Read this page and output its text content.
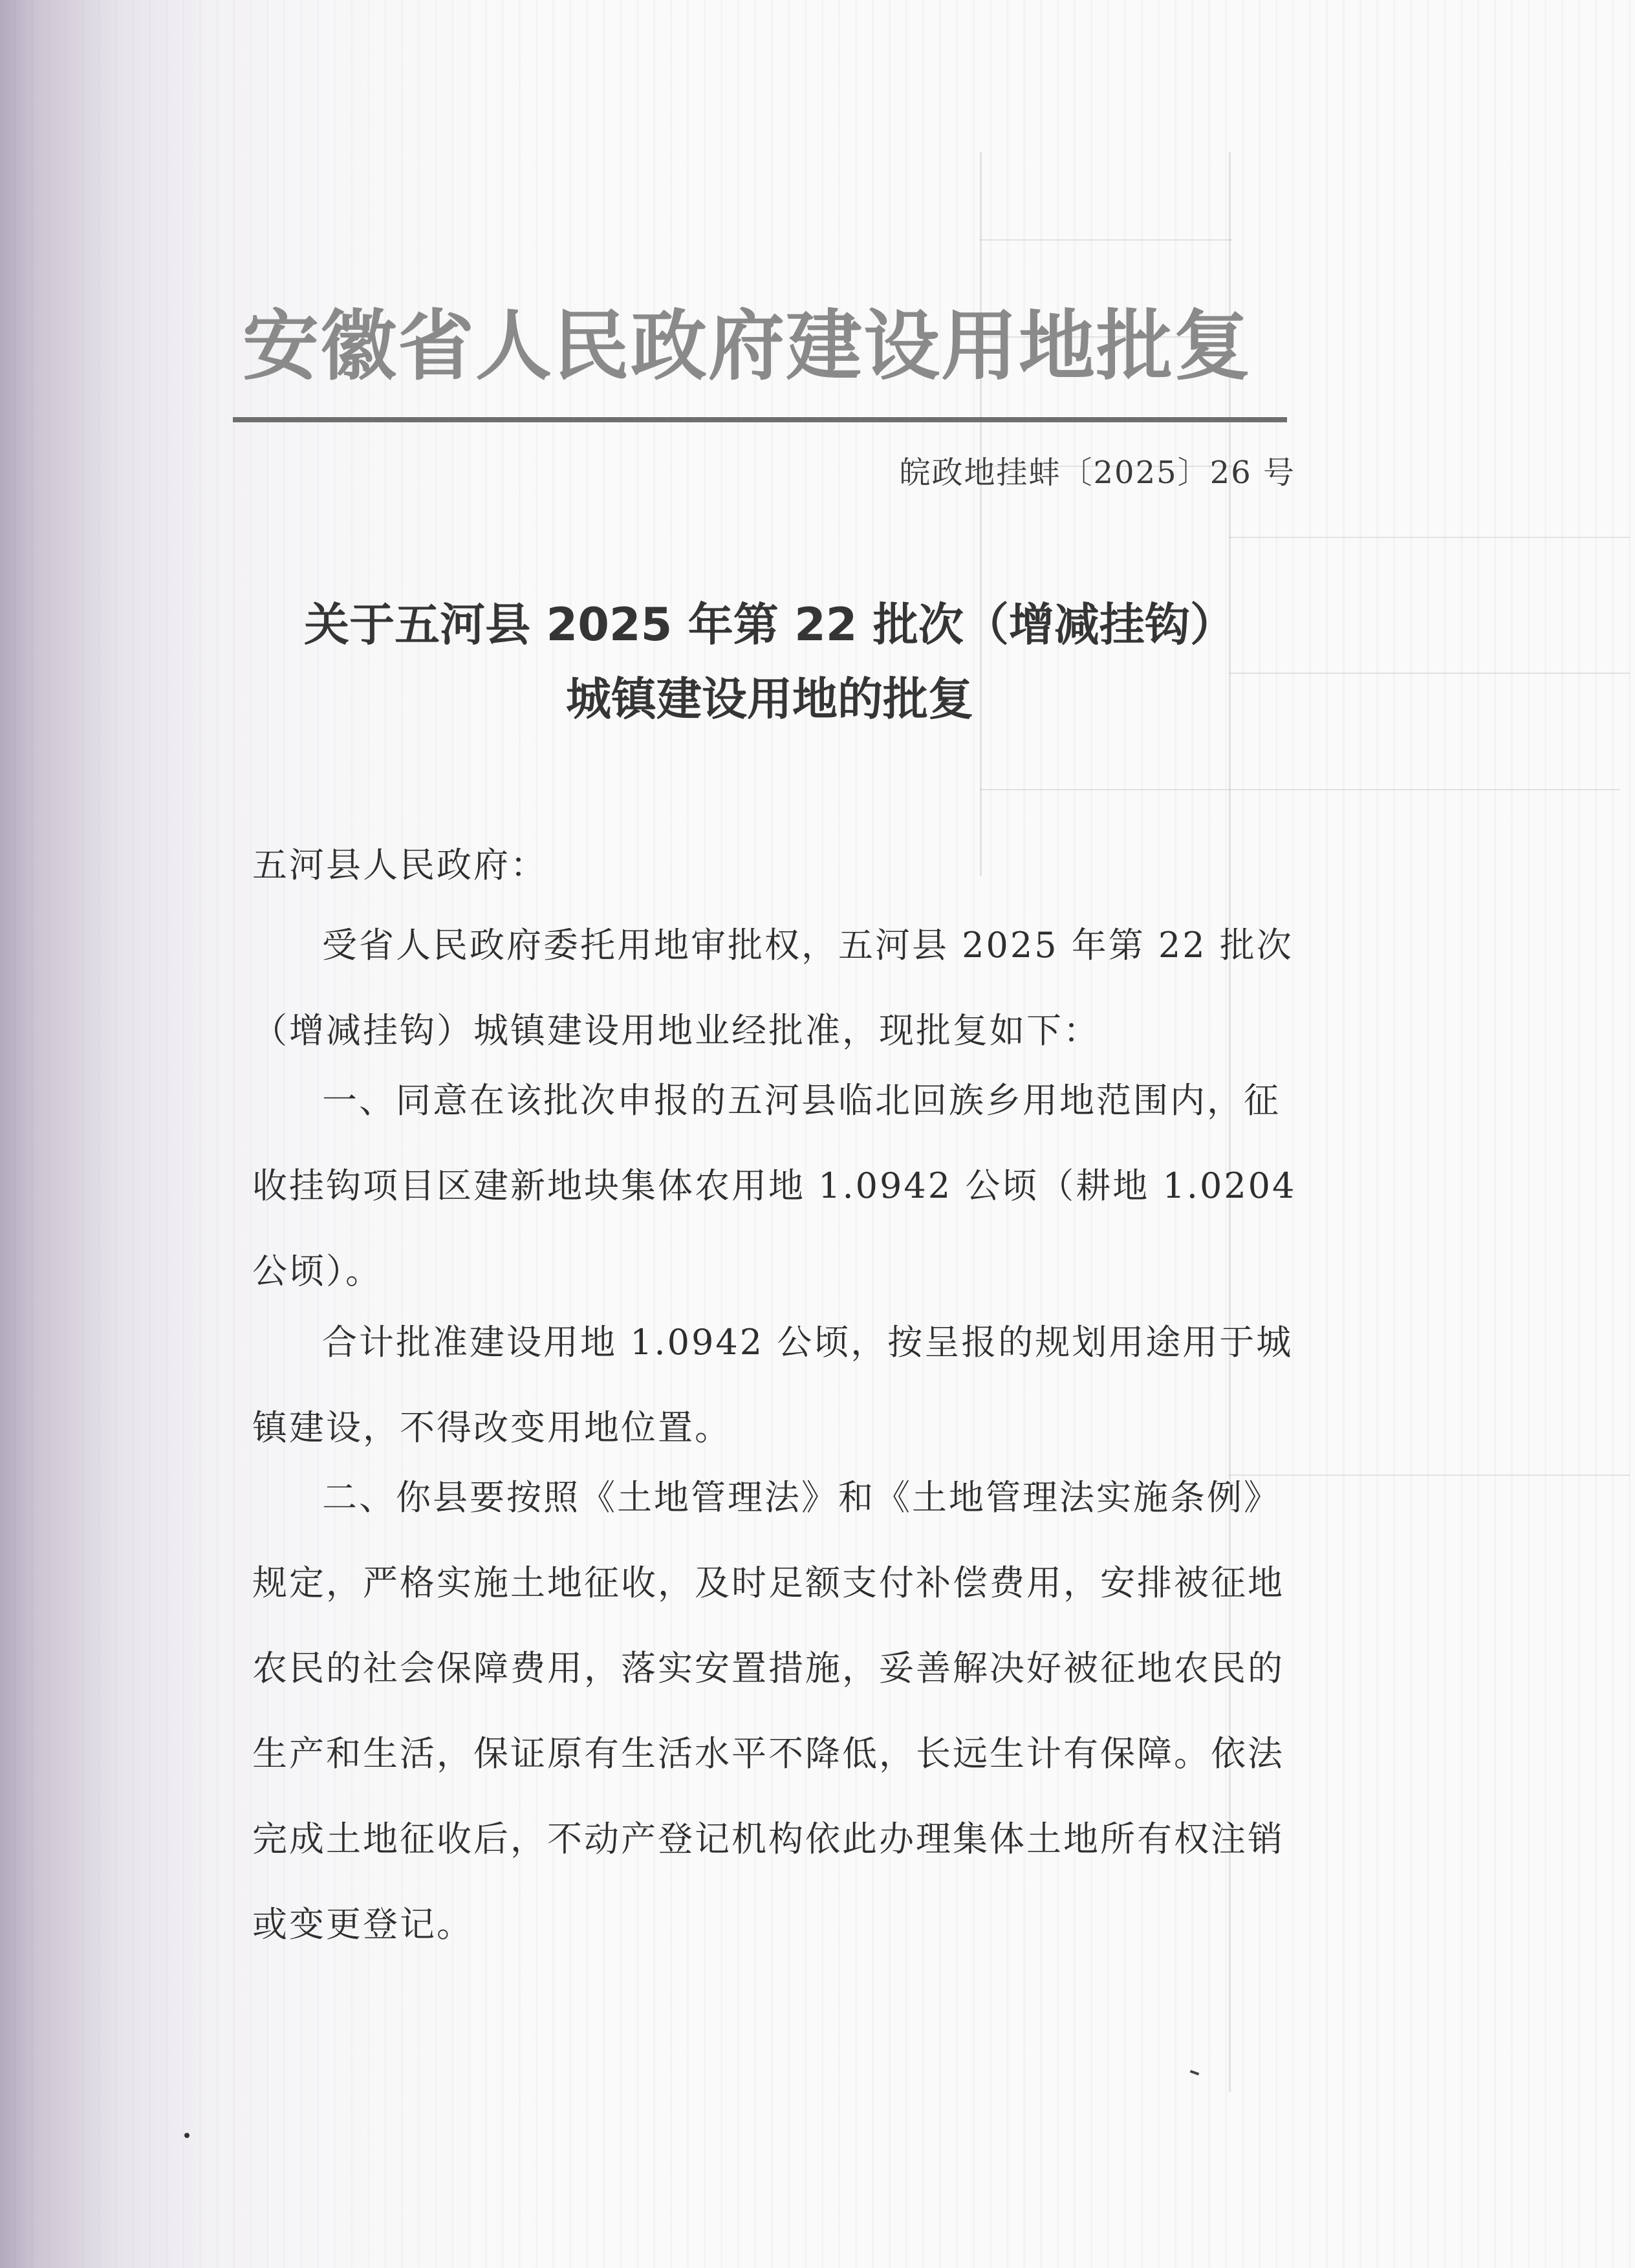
安徽省人民政府建设用地批复
皖政地挂蚌〔2025〕26 号
关于五河县 2025 年第 22 批次（增减挂钩）
城镇建设用地的批复
五河县人民政府：

受省人民政府委托用地审批权，五河县 2025 年第 22 批次（增减挂钩）城镇建设用地业经批准，现批复如下：

一、同意在该批次申报的五河县临北回族乡用地范围内，征收挂钩项目区建新地块集体农用地 1.0942 公顷（耕地 1.0204 公顷）。

合计批准建设用地 1.0942 公顷，按呈报的规划用途用于城镇建设，不得改变用地位置。

二、你县要按照《土地管理法》和《土地管理法实施条例》规定，严格实施土地征收，及时足额支付补偿费用，安排被征地农民的社会保障费用，落实安置措施，妥善解决好被征地农民的生产和生活，保证原有生活水平不降低，长远生计有保障。依法完成土地征收后，不动产登记机构依此办理集体土地所有权注销或变更登记。
